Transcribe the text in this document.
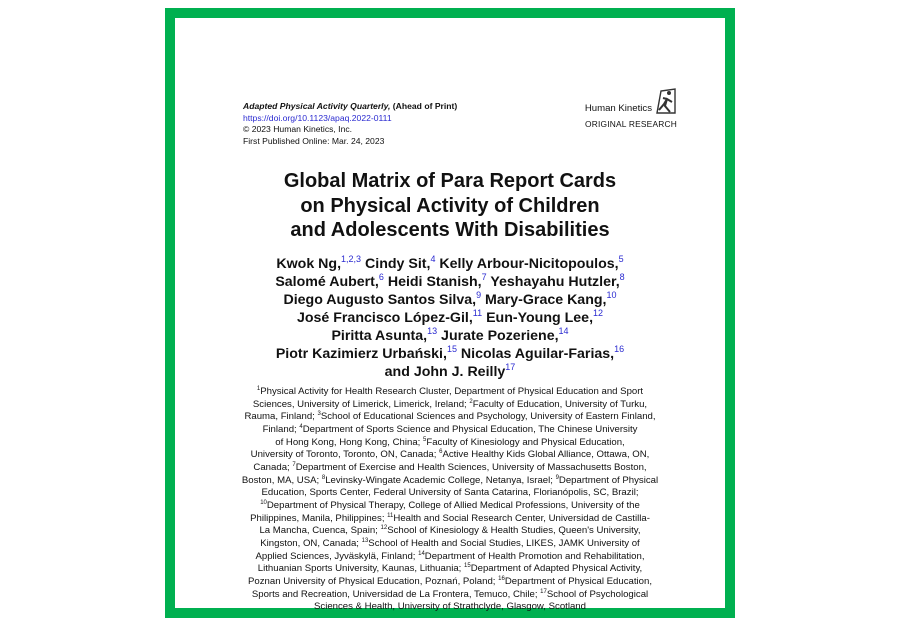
Adapted Physical Activity Quarterly, (Ahead of Print)
https://doi.org/10.1123/apaq.2022-0111
© 2023 Human Kinetics, Inc.
First Published Online: Mar. 24, 2023
Human Kinetics
ORIGINAL RESEARCH
Global Matrix of Para Report Cards
on Physical Activity of Children
and Adolescents With Disabilities
Kwok Ng,$^{1,2,3}$ Cindy Sit,$^4$ Kelly Arbour-Nicitopoulos,$^5$
Salomé Aubert,$^6$ Heidi Stanish,$^7$ Yeshayahu Hutzler,$^8$
Diego Augusto Santos Silva,$^9$ Mary-Grace Kang,$^{10}$
José Francisco López-Gil,$^{11}$ Eun-Young Lee,$^{12}$
Piritta Asunta,$^{13}$ Jurate Pozeriene,$^{14}$
Piotr Kazimierz Urbański,$^{15}$ Nicolas Aguilar-Farias,$^{16}$
and John J. Reilly$^{17}$
$^1$Physical Activity for Health Research Cluster, Department of Physical Education and Sport
Sciences, University of Limerick, Limerick, Ireland; $^2$Faculty of Education, University of Turku,
Rauma, Finland; $^3$School of Educational Sciences and Psychology, University of Eastern Finland,
Finland; $^4$Department of Sports Science and Physical Education, The Chinese University
of Hong Kong, Hong Kong, China; $^5$Faculty of Kinesiology and Physical Education,
University of Toronto, Toronto, ON, Canada; $^6$Active Healthy Kids Global Alliance, Ottawa, ON,
Canada; $^7$Department of Exercise and Health Sciences, University of Massachusetts Boston,
Boston, MA, USA; $^8$Levinsky-Wingate Academic College, Netanya, Israel; $^9$Department of Physical
Education, Sports Center, Federal University of Santa Catarina, Florianópolis, SC, Brazil;
$^{10}$Department of Physical Therapy, College of Allied Medical Professions, University of the
Philippines, Manila, Philippines; $^{11}$Health and Social Research Center, Universidad de Castilla-
La Mancha, Cuenca, Spain; $^{12}$School of Kinesiology & Health Studies, Queen's University,
Kingston, ON, Canada; $^{13}$School of Health and Social Studies, LIKES, JAMK University of
Applied Sciences, Jyväskylä, Finland; $^{14}$Department of Health Promotion and Rehabilitation,
Lithuanian Sports University, Kaunas, Lithuania; $^{15}$Department of Adapted Physical Activity,
Poznan University of Physical Education, Poznań, Poland; $^{16}$Department of Physical Education,
Sports and Recreation, Universidad de La Frontera, Temuco, Chile; $^{17}$School of Psychological
Sciences & Health, University of Strathclyde, Glasgow, Scotland
